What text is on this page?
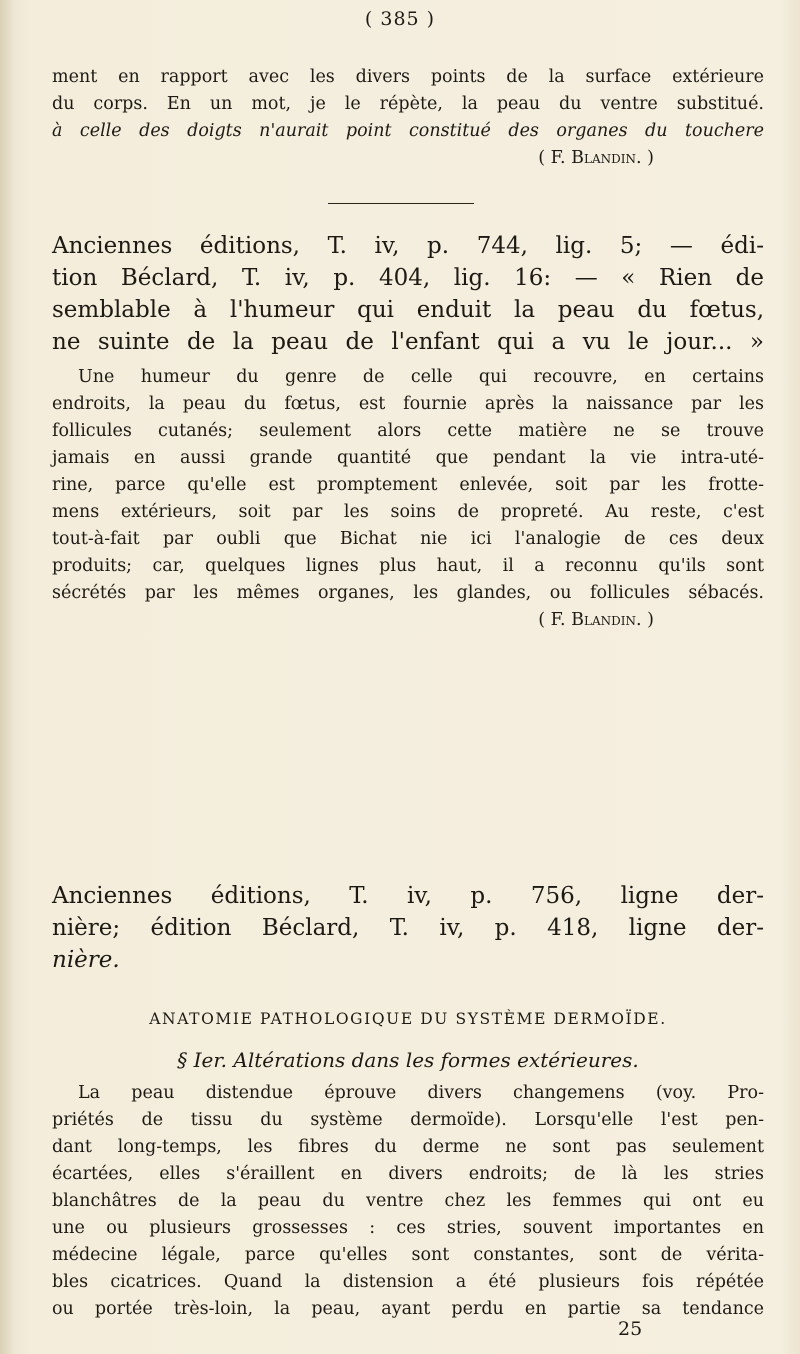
( 385 )
ment en rapport avec les divers points de la surface extérieure
du corps. En un mot, je le répète, la peau du ventre substitué.
à celle des doigts n'aurait point constitué des organes du touchere
( F. Blandin. )
Anciennes éditions, T. iv, p. 744, lig. 5; — édi-
tion Béclard, T. iv, p. 404, lig. 16: — « Rien de
semblable à l'humeur qui enduit la peau du fœtus,
ne suinte de la peau de l'enfant qui a vu le jour... »
Une humeur du genre de celle qui recouvre, en certains
endroits, la peau du fœtus, est fournie après la naissance par les
follicules cutanés; seulement alors cette matière ne se trouve
jamais en aussi grande quantité que pendant la vie intra-uté-
rine, parce qu'elle est promptement enlevée, soit par les frotte-
mens extérieurs, soit par les soins de propreté. Au reste, c'est
tout-à-fait par oubli que Bichat nie ici l'analogie de ces deux
produits; car, quelques lignes plus haut, il a reconnu qu'ils sont
sécrétés par les mêmes organes, les glandes, ou follicules sébacés.
( F. Blandin. )
Anciennes éditions, T. iv, p. 756, ligne der-
nière; édition Béclard, T. iv, p. 418, ligne der-
nière.
ANATOMIE PATHOLOGIQUE DU SYSTÈME DERMOÏDE.
§ Ier. Altérations dans les formes extérieures.
La peau distendue éprouve divers changemens (voy. Pro-
priétés de tissu du système dermoïde). Lorsqu'elle l'est pen-
dant long-temps, les fibres du derme ne sont pas seulement
écartées, elles s'éraillent en divers endroits; de là les stries
blanchâtres de la peau du ventre chez les femmes qui ont eu
une ou plusieurs grossesses : ces stries, souvent importantes en
médecine légale, parce qu'elles sont constantes, sont de vérita-
bles cicatrices. Quand la distension a été plusieurs fois répétée
ou portée très-loin, la peau, ayant perdu en partie sa tendance
25
